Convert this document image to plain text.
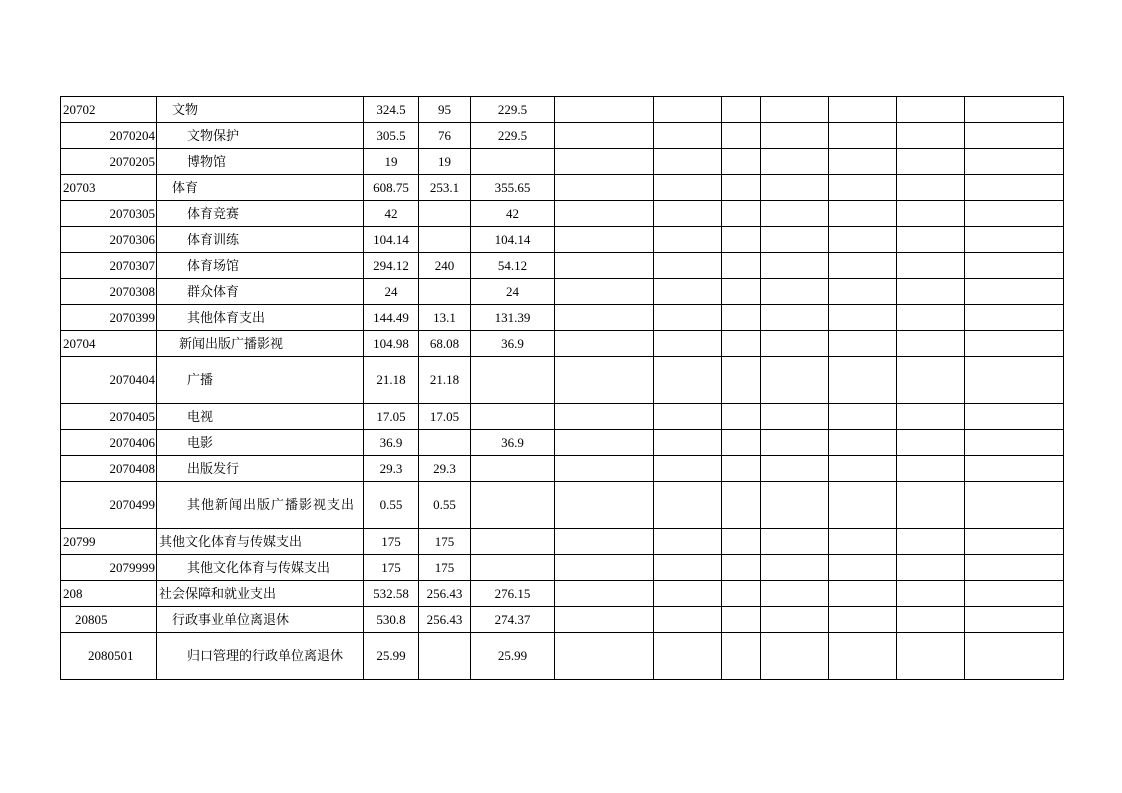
20702	文物	324.5	95	229.5							
2070204	文物保护	305.5	76	229.5							
2070205	博物馆	19	19								
20703	体育	608.75	253.1	355.65							
2070305	体育竞赛	42		42							
2070306	体育训练	104.14		104.14							
2070307	体育场馆	294.12	240	54.12							
2070308	群众体育	24		24							
2070399	其他体育支出	144.49	13.1	131.39							
20704	新闻出版广播影视	104.98	68.08	36.9							
2070404	广播	21.18	21.18								
2070405	电视	17.05	17.05								
2070406	电影	36.9		36.9							
2070408	出版发行	29.3	29.3								
2070499	其他新闻出版广播影视支出	0.55	0.55								
20799	其他文化体育与传媒支出	175	175								
2079999	其他文化体育与传媒支出	175	175								
208	社会保障和就业支出	532.58	256.43	276.15							
20805	行政事业单位离退休	530.8	256.43	274.37							
2080501	归口管理的行政单位离退休	25.99		25.99							
